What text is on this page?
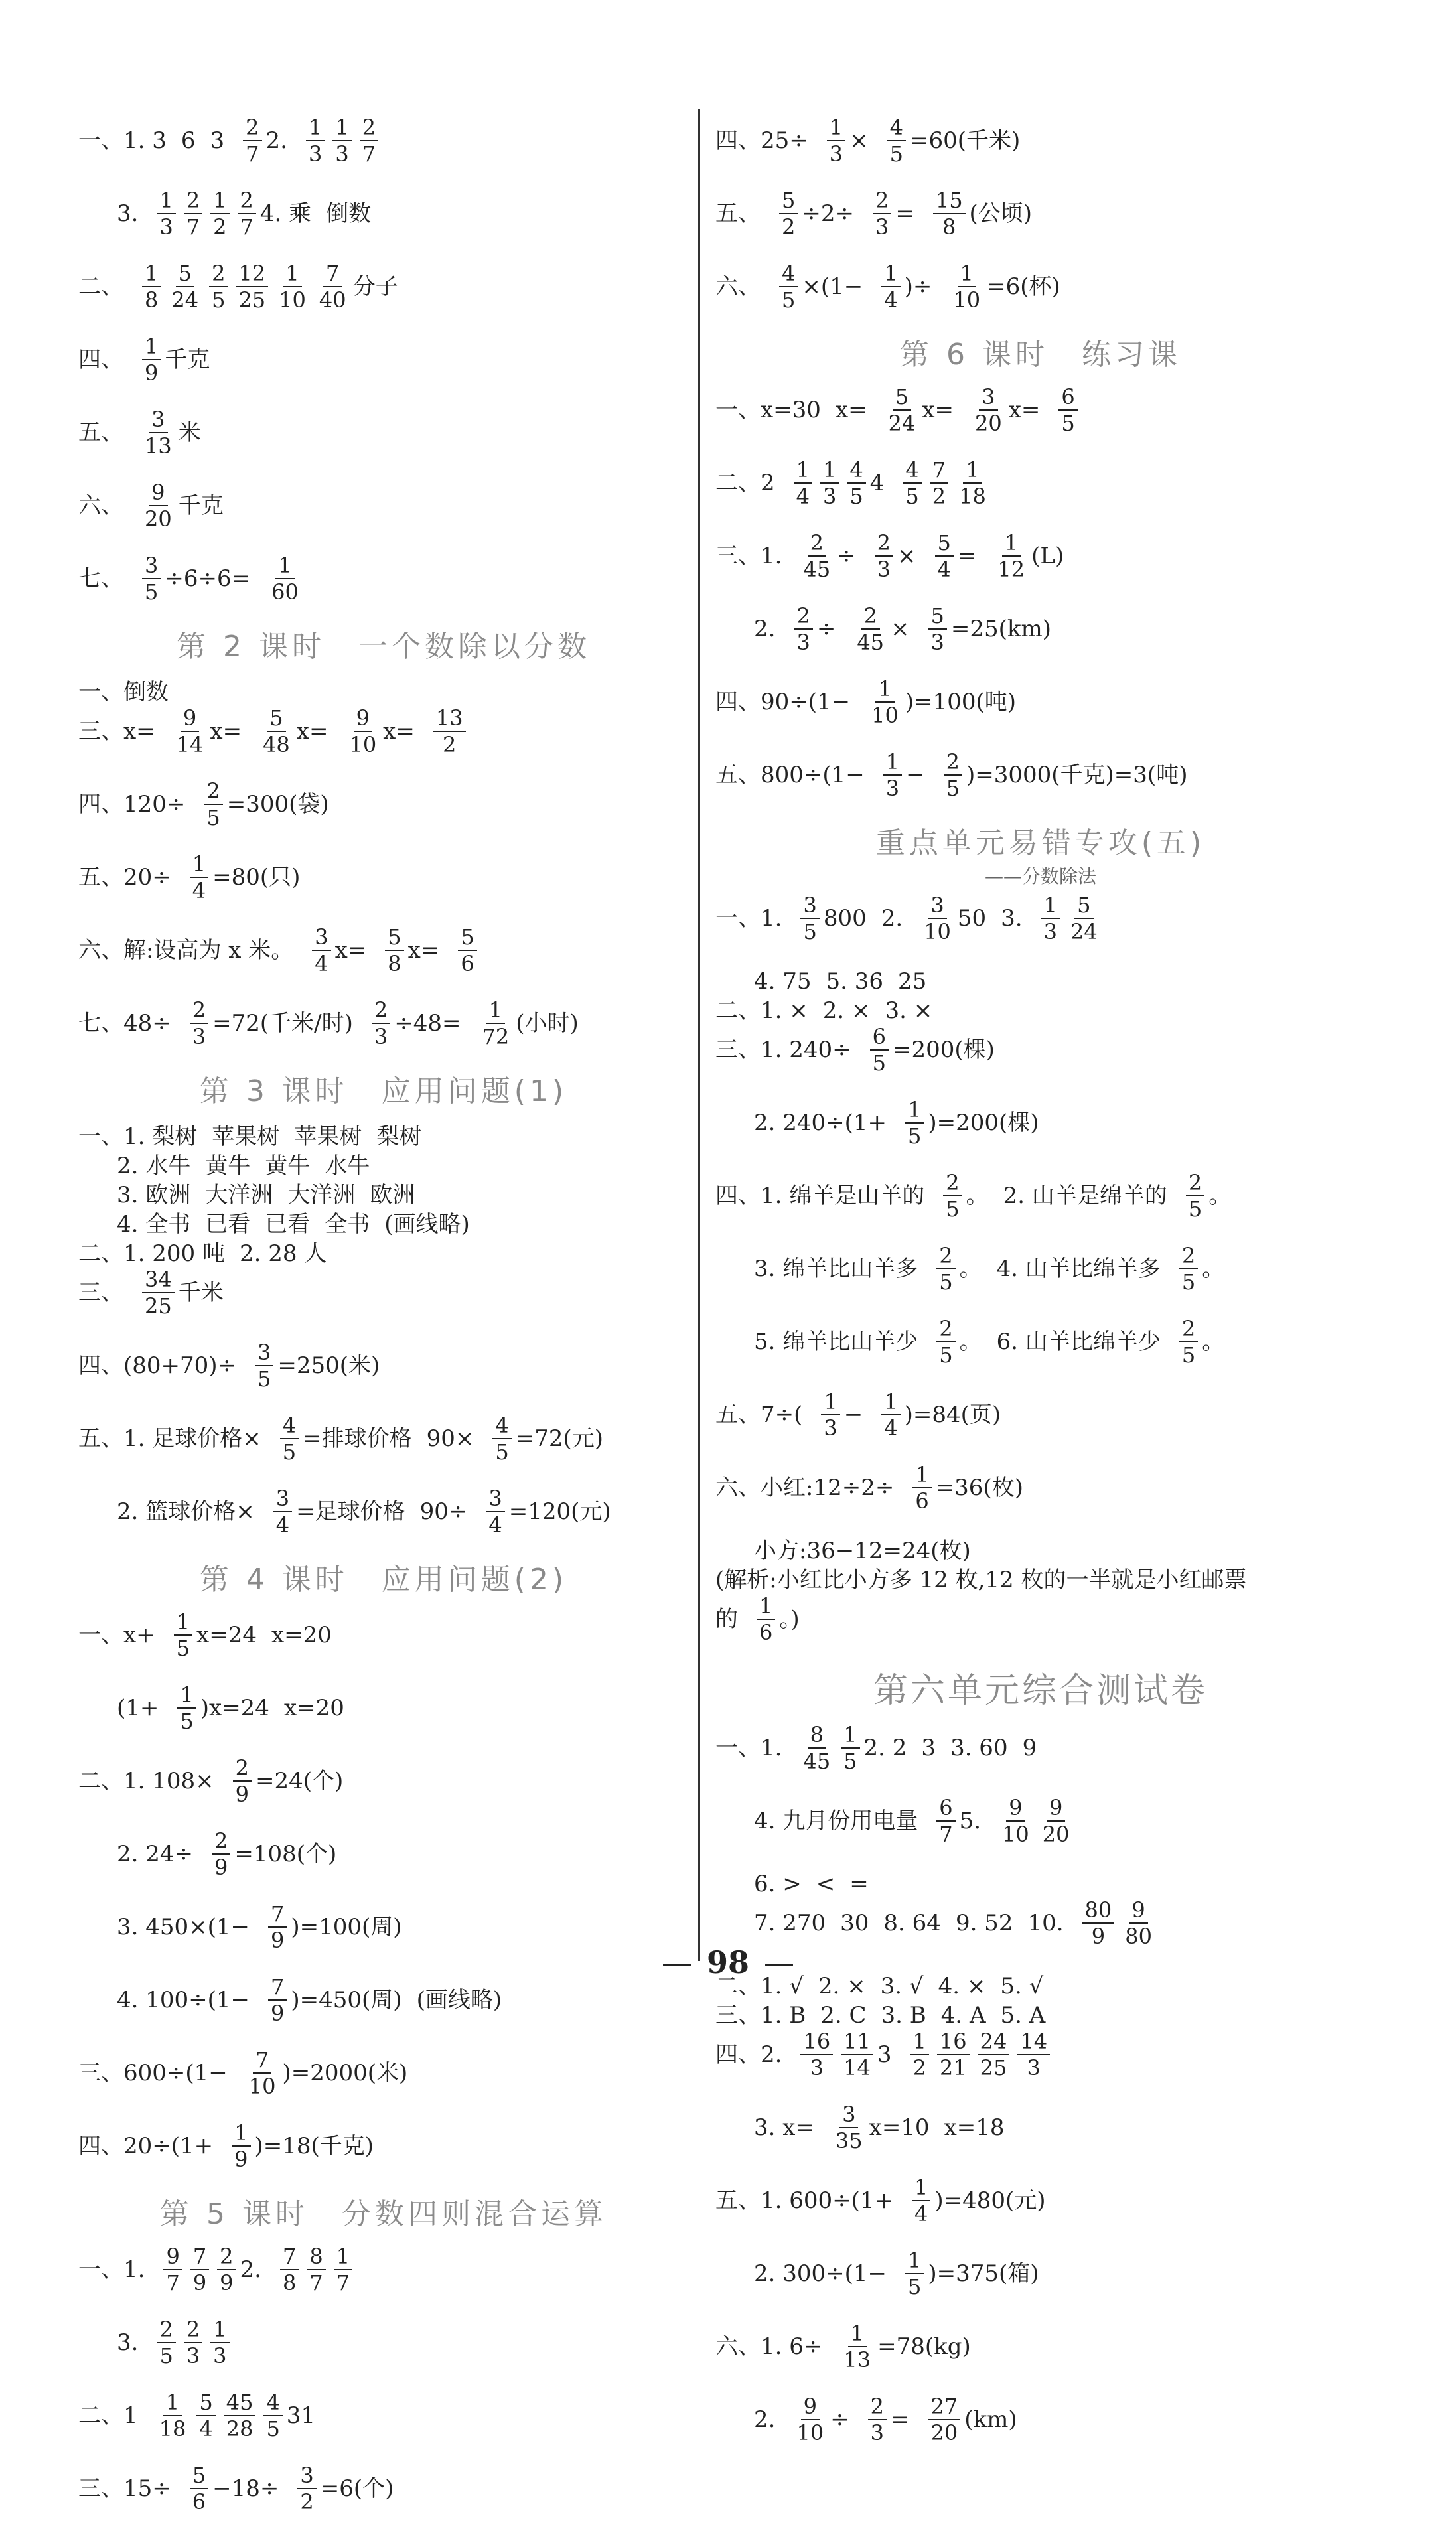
一、1. 3 6 $3 \frac{2}{7} 2$. $\frac{1}{3} \frac{1}{3} \frac{2}{7}$
3. $\frac{1}{3} \frac{2}{7} \frac{1}{2} \frac{2}{7} 4$. 乘 倒数
二、 $\frac{1}{8} \frac{5}{24} \frac{2}{5} \frac{12}{25} \frac{1}{10} \frac{7}{40}$ 分子
四、 $\frac{1}{9}$ 千克
五、 $\frac{3}{13}$ 米
六、 $\frac{9}{20}$ 千克
七、 $\frac{3}{5} \div 6\div 6= \frac{1}{60}$
第 2 课时　一个数除以分数
一、倒数
三、$x= \frac{9}{14} x= \frac{5}{48} x= \frac{9}{10} x= \frac{13}{2}$
四、$120\div \frac{2}{5} =300$(袋)
五、$20\div \frac{1}{4} =80$(只)
六、解:设高为 x 米。 $\frac{3}{4} x= \frac{5}{8} x= \frac{5}{6}$
七、$48\div \frac{2}{3} =72$(千米/时) $\frac{2}{3} \div 48= \frac{1}{72}$ (小时)
第 3 课时　应用问题(1)
一、1. 梨树 苹果树 苹果树 梨树
2. 水牛 黄牛 黄牛 水牛
3. 欧洲 大洋洲 大洋洲 欧洲
4. 全书 已看 已看 全书 (画线略)
二、1. 200 吨 2. 28 人
三、 $\frac{34}{25}$ 千米
四、$(80+70)\div \frac{3}{5} =250$(米)
五、1. 足球价格× $\frac{4}{5}$ =排球价格 $90\times \frac{4}{5} =72$(元)
2. 篮球价格× $\frac{3}{4}$ =足球价格 $90\div \frac{3}{4} =120$(元)
第 4 课时　应用问题(2)
一、$x+ \frac{1}{5} x=24$ x=20
$(1+ \frac{1}{5} )x=24$ x=20
二、1. $108\times \frac{2}{9} =24$(个)
2. $24\div \frac{2}{9} =108$(个)
3. $450\times(1- \frac{7}{9} )=100$(周)
4. $100\div(1- \frac{7}{9} )=450$(周) (画线略)
三、$600\div(1- \frac{7}{10} )=2000$(米)
四、$20\div(1+ \frac{1}{9} )=18$(千克)
第 5 课时　分数四则混合运算
一、1. $\frac{9}{7} \frac{7}{9} \frac{2}{9} 2$. $\frac{7}{8} \frac{8}{7} \frac{1}{7}$
3. $\frac{2}{5} \frac{2}{3} \frac{1}{3}$
二、$1 \frac{1}{18} \frac{5}{4} \frac{45}{28} \frac{4}{5} 31$
三、$15\div \frac{5}{6} -18\div \frac{3}{2} =6$(个)
四、$25\div \frac{1}{3} \times \frac{4}{5} =60$(千米)
五、 $\frac{5}{2} \div 2\div \frac{2}{3} = \frac{15}{8}$ (公顷)
六、 $\frac{4}{5} \times(1- \frac{1}{4}$ )÷ $\frac{1}{10} =6$(杯)
第 6 课时　练习课
一、x=30 $x= \frac{5}{24} x= \frac{3}{20} x= \frac{6}{5}$
二、$2 \frac{1}{4} \frac{1}{3} \frac{4}{5} 4 \frac{4}{5} \frac{7}{2} \frac{1}{18}$
三、1. $\frac{2}{45} \div \frac{2}{3} \times \frac{5}{4} = \frac{1}{12} (L)$
2. $\frac{2}{3} \div \frac{2}{45} \times \frac{5}{3} =25(km)$
四、$90\div(1- \frac{1}{10} )=100$(吨)
五、$800\div(1- \frac{1}{3} - \frac{2}{5} )=3000$(千克)=3(吨)
重点单元易错专攻(五)
——分数除法
一、1. $\frac{3}{5} 800$ 2. $\frac{3}{10} 50$ 3. $\frac{1}{3} \frac{5}{24}$
4. 75 5. 36 25
二、1. × 2. × 3. ×
三、1. $240\div \frac{6}{5} =200$(棵)
2. $240\div(1+ \frac{1}{5} )=200$(棵)
四、1. 绵羊是山羊的 $\frac{2}{5}$ 。 2. 山羊是绵羊的 $\frac{2}{5}$ 。
3. 绵羊比山羊多 $\frac{2}{5}$ 。 4. 山羊比绵羊多 $\frac{2}{5}$ 。
5. 绵羊比山羊少 $\frac{2}{5}$ 。 6. 山羊比绵羊少 $\frac{2}{5}$ 。
五、$7\div( \frac{1}{3} - \frac{1}{4} )=84$(页)
六、小红:12÷2÷ $\frac{1}{6} =36$(枚)
小方:36−12=24(枚)
(解析:小红比小方多 12 枚,12 枚的一半就是小红邮票
的 $\frac{1}{6}$ 。)
第六单元综合测试卷
一、1. $\frac{8}{45} \frac{1}{5} 2$. 2 3 3. 60 9
4. 九月份用电量 $\frac{6}{7} 5$. $\frac{9}{10} \frac{9}{20}$
6. > < =
7. 270 30 8. 64 9. 52 10. $\frac{80}{9} \frac{9}{80}$
二、1. √ 2. × 3. √ 4. × 5. √
三、1. B 2. C 3. B 4. A 5. A
四、2. $\frac{16}{3} \frac{11}{14} 3 \frac{1}{2} \frac{16}{21} \frac{24}{25} \frac{14}{3}$
3. $x= \frac{3}{35} x=10$ x=18
五、1. $600\div(1+ \frac{1}{4} )=480$(元)
2. $300\div(1- \frac{1}{5} )=375$(箱)
六、1. $6\div \frac{1}{13} =78(kg)$
2. $\frac{9}{10} \div \frac{2}{3} = \frac{27}{20} (km)$
— 98 —
